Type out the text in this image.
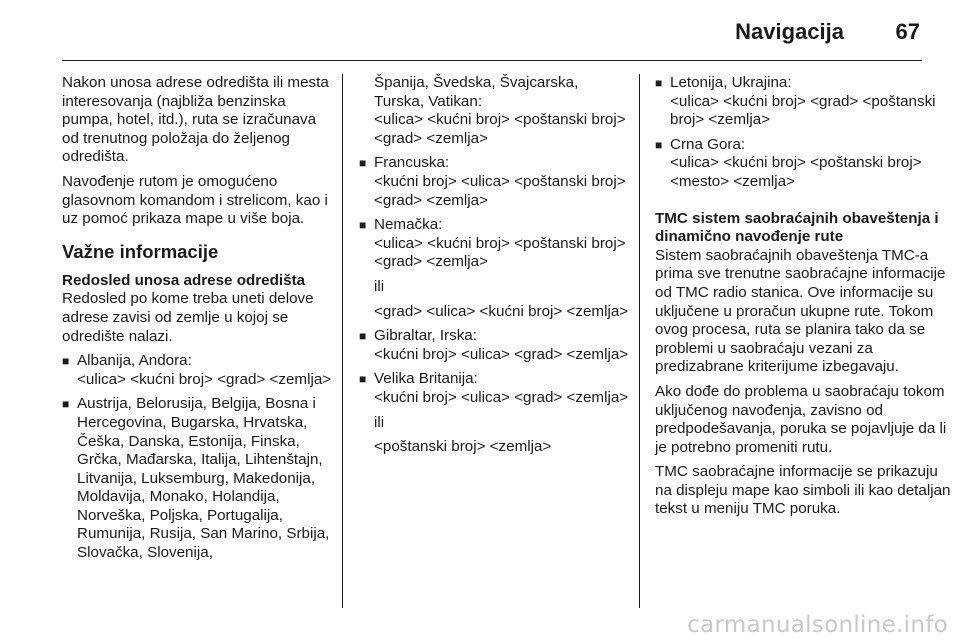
Navigacija 67

Nakon unosa adrese odredišta ili mesta interesovanja (najbliža benzinska pumpa, hotel, itd.), ruta se izračunava od trenutnog položaja do željenog odredišta.

Navođenje rutom je omogućeno glasovnom komandom i strelicom, kao i uz pomoć prikaza mape u više boja.

Važne informacije

Redosled unosa adrese odredišta

Redosled po kome treba uneti delove adrese zavisi od zemlje u kojoj se odredište nalazi.

■ Albanija, Andora:
<ulica> <kućni broj> <grad> <zemlja>
■ Austrija, Belorusija, Belgija, Bosna i Hercegovina, Bugarska, Hrvatska, Češka, Danska, Estonija, Finska, Grčka, Mađarska, Italija, Lihtenštajn, Litvanija, Luksemburg, Makedonija, Moldavija, Monako, Holandija, Norveška, Poljska, Portugalija, Rumunija, Rusija, San Marino, Srbija, Slovačka, Slovenija,
Španija, Švedska, Švajcarska, Turska, Vatikan:
<ulica> <kućni broj> <poštanski broj> <grad> <zemlja>
■ Francuska:
<kućni broj> <ulica> <poštanski broj> <grad> <zemlja>
■ Nemačka:
<ulica> <kućni broj> <poštanski broj> <grad> <zemlja>
ili
<grad> <ulica> <kućni broj> <zemlja>
■ Gibraltar, Irska:
<kućni broj> <ulica> <grad> <zemlja>
■ Velika Britanija:
<kućni broj> <ulica> <grad> <zemlja>
ili
<poštanski broj> <zemlja>
■ Letonija, Ukrajina:
<ulica> <kućni broj> <grad> <poštanski broj> <zemlja>
■ Crna Gora:
<ulica> <kućni broj> <poštanski broj> <mesto> <zemlja>

TMC sistem saobraćajnih obaveštenja i dinamično navođenje rute

Sistem saobraćajnih obaveštenja TMC-a prima sve trenutne saobraćajne informacije od TMC radio stanica. Ove informacije su uključene u proračun ukupne rute. Tokom ovog procesa, ruta se planira tako da se problemi u saobraćaju vezani za predizabrane kriterijume izbegavaju.

Ako dođe do problema u saobraćaju tokom uključenog navođenja, zavisno od predpodešavanja, poruka se pojavljuje da li je potrebno promeniti rutu.

TMC saobraćajne informacije se prikazuju na displeju mape kao simboli ili kao detaljan tekst u meniju TMC poruka.

carmanualsonline.info
